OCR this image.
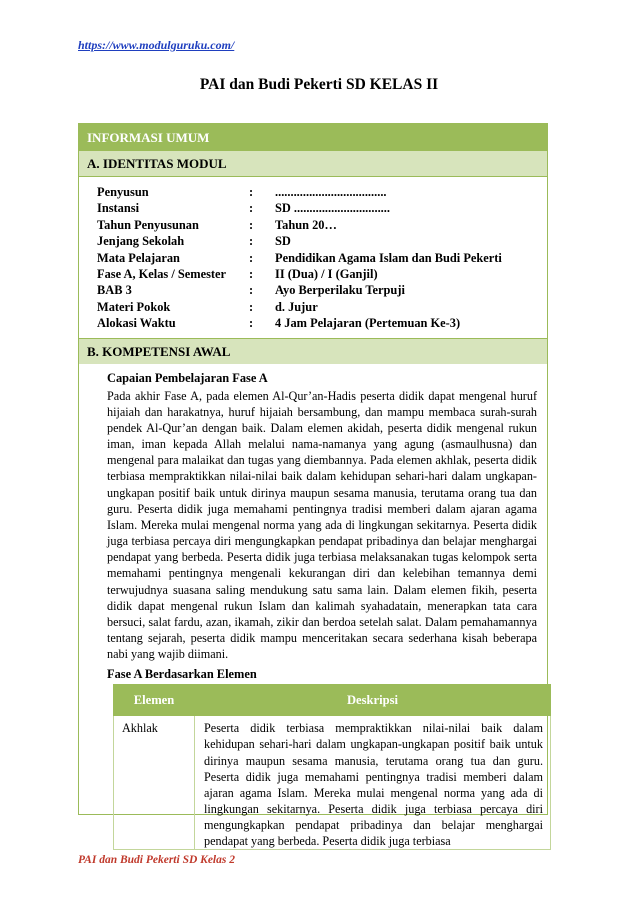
https://www.modulguruku.com/
PAI dan Budi Pekerti SD KELAS II
INFORMASI UMUM
A. IDENTITAS MODUL
Penyusun	:	....................................
Instansi	:	SD ...............................
Tahun Penyusunan	:	Tahun 20…
Jenjang Sekolah	:	SD
Mata Pelajaran	:	Pendidikan Agama Islam dan Budi Pekerti
Fase A, Kelas / Semester	:	II (Dua) / I (Ganjil)
BAB 3	:	Ayo Berperilaku Terpuji
Materi Pokok	:	d. Jujur
Alokasi Waktu	:	4 Jam Pelajaran (Pertemuan Ke-3)
B. KOMPETENSI AWAL
Capaian Pembelajaran Fase A

Pada akhir Fase A, pada elemen Al-Qur’an-Hadis peserta didik dapat mengenal huruf hijaiah dan harakatnya, huruf hijaiah bersambung, dan mampu membaca surah-surah pendek Al-Qur’an dengan baik. Dalam elemen akidah, peserta didik mengenal rukun iman, iman kepada Allah melalui nama-namanya yang agung (asmaulhusna) dan mengenal para malaikat dan tugas yang diembannya. Pada elemen akhlak, peserta didik terbiasa mempraktikkan nilai-nilai baik dalam kehidupan sehari-hari dalam ungkapan-ungkapan positif baik untuk dirinya maupun sesama manusia, terutama orang tua dan guru. Peserta didik juga memahami pentingnya tradisi memberi dalam ajaran agama Islam. Mereka mulai mengenal norma yang ada di lingkungan sekitarnya. Peserta didik juga terbiasa percaya diri mengungkapkan pendapat pribadinya dan belajar menghargai pendapat yang berbeda. Peserta didik juga terbiasa melaksanakan tugas kelompok serta memahami pentingnya mengenali kekurangan diri dan kelebihan temannya demi terwujudnya suasana saling mendukung satu sama lain. Dalam elemen fikih, peserta didik dapat mengenal rukun Islam dan kalimah syahadatain, menerapkan tata cara bersuci, salat fardu, azan, ikamah, zikir dan berdoa setelah salat. Dalam pemahamannya tentang sejarah, peserta didik mampu menceritakan secara sederhana kisah beberapa nabi yang wajib diimani.

Fase A Berdasarkan Elemen
Elemen	Deskripsi
Akhlak	Peserta didik terbiasa mempraktikkan nilai-nilai baik dalam kehidupan sehari-hari dalam ungkapan-ungkapan positif baik untuk dirinya maupun sesama manusia, terutama orang tua dan guru. Peserta didik juga memahami pentingnya tradisi memberi dalam ajaran agama Islam. Mereka mulai mengenal norma yang ada di lingkungan sekitarnya. Peserta didik juga terbiasa percaya diri mengungkapkan pendapat pribadinya dan belajar menghargai pendapat yang berbeda. Peserta didik juga terbiasa
PAI dan Budi Pekerti SD Kelas 2
